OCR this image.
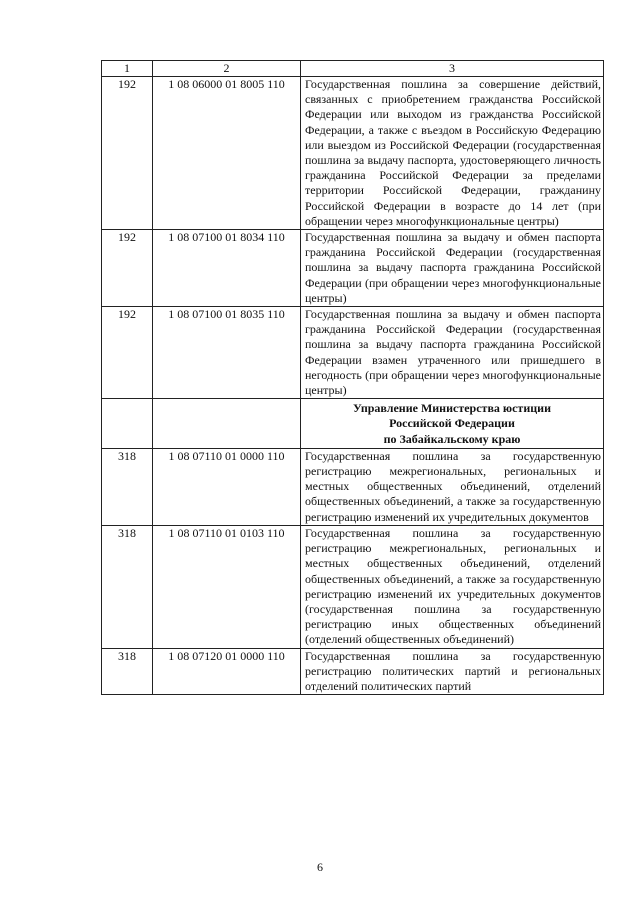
1	2	3
192	1 08 06000 01 8005 110	Государственная пошлина за совершение действий, связанных с приобретением гражданства Российской Федерации или выходом из гражданства Российской Федерации, а также с въездом в Российскую Федерацию или выездом из Российской Федерации (государственная пошлина за выдачу паспорта, удостоверяющего личность гражданина Российской Федерации за пределами территории Российской Федерации, гражданину Российской Федерации в возрасте до 14 лет (при обращении через многофункциональные центры)
192	1 08 07100 01 8034 110	Государственная пошлина за выдачу и обмен паспорта гражданина Российской Федерации (государственная пошлина за выдачу паспорта гражданина Российской Федерации (при обращении через многофункциональные центры)
192	1 08 07100 01 8035 110	Государственная пошлина за выдачу и обмен паспорта гражданина Российской Федерации (государственная пошлина за выдачу паспорта гражданина Российской Федерации взамен утраченного или пришедшего в негодность (при обращении через многофункциональные центры)

		Управление Министерства юстиции
Российской Федерации
по Забайкальскому краю

318	1 08 07110 01 0000 110	Государственная пошлина за государственную регистрацию межрегиональных, региональных и местных общественных объединений, отделений общественных объединений, а также за государственную регистрацию изменений их учредительных документов
318	1 08 07110 01 0103 110	Государственная пошлина за государственную регистрацию межрегиональных, региональных и местных общественных объединений, отделений общественных объединений, а также за государственную регистрацию изменений их учредительных документов (государственная пошлина за государственную регистрацию иных общественных объединений (отделений общественных объединений)
318	1 08 07120 01 0000 110	Государственная пошлина за государственную регистрацию политических партий и региональных отделений политических партий
6
